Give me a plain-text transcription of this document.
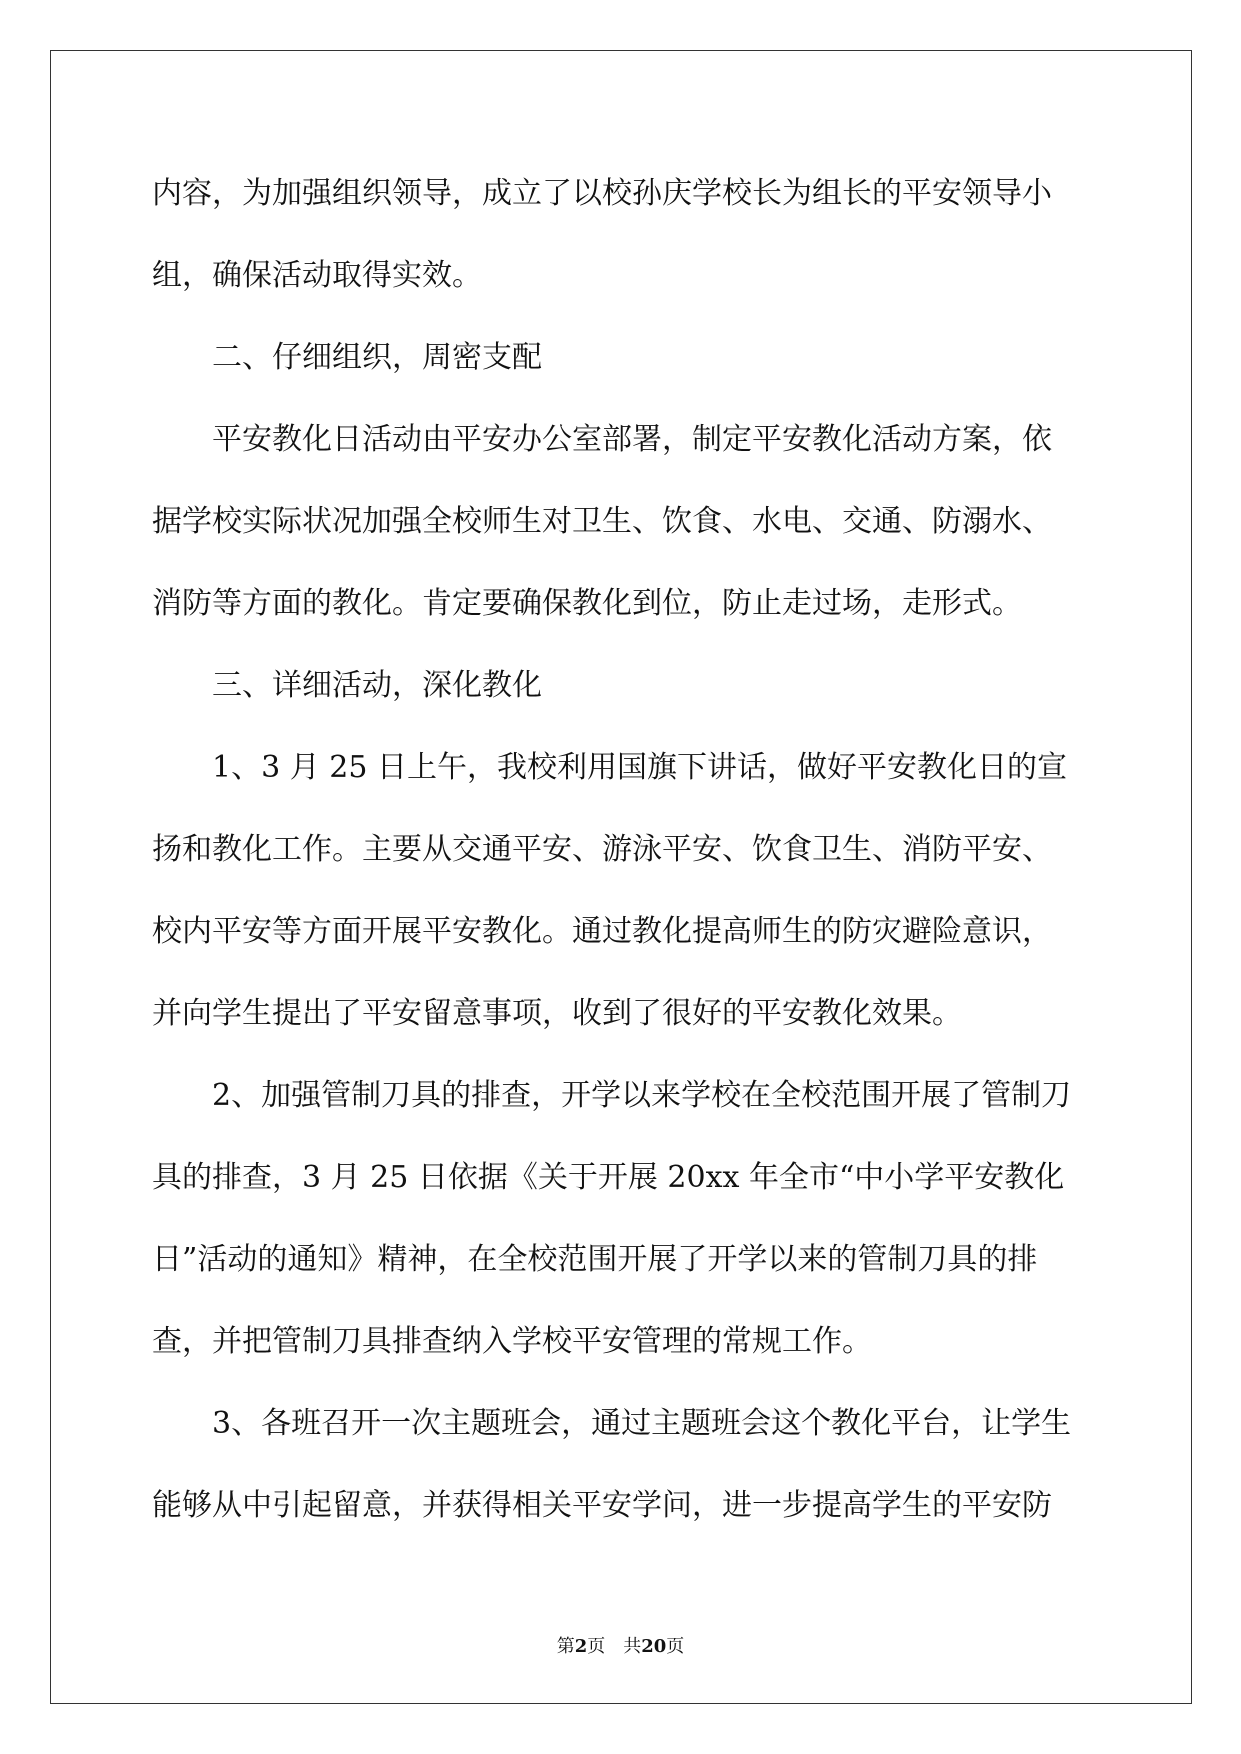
内容，为加强组织领导，成立了以校孙庆学校长为组长的平安领导小
组，确保活动取得实效。
二、仔细组织，周密支配
平安教化日活动由平安办公室部署，制定平安教化活动方案，依
据学校实际状况加强全校师生对卫生、饮食、水电、交通、防溺水、
消防等方面的教化。肯定要确保教化到位，防止走过场，走形式。
三、详细活动，深化教化
1、3 月 25 日上午，我校利用国旗下讲话，做好平安教化日的宣
扬和教化工作。主要从交通平安、游泳平安、饮食卫生、消防平安、
校内平安等方面开展平安教化。通过教化提高师生的防灾避险意识，
并向学生提出了平安留意事项，收到了很好的平安教化效果。
2、加强管制刀具的排查，开学以来学校在全校范围开展了管制刀
具的排查，3 月 25 日依据《关于开展 20xx 年全市“中小学平安教化
日”活动的通知》精神，在全校范围开展了开学以来的管制刀具的排
查，并把管制刀具排查纳入学校平安管理的常规工作。
3、各班召开一次主题班会，通过主题班会这个教化平台，让学生
能够从中引起留意，并获得相关平安学问，进一步提高学生的平安防
第2页　共20页
